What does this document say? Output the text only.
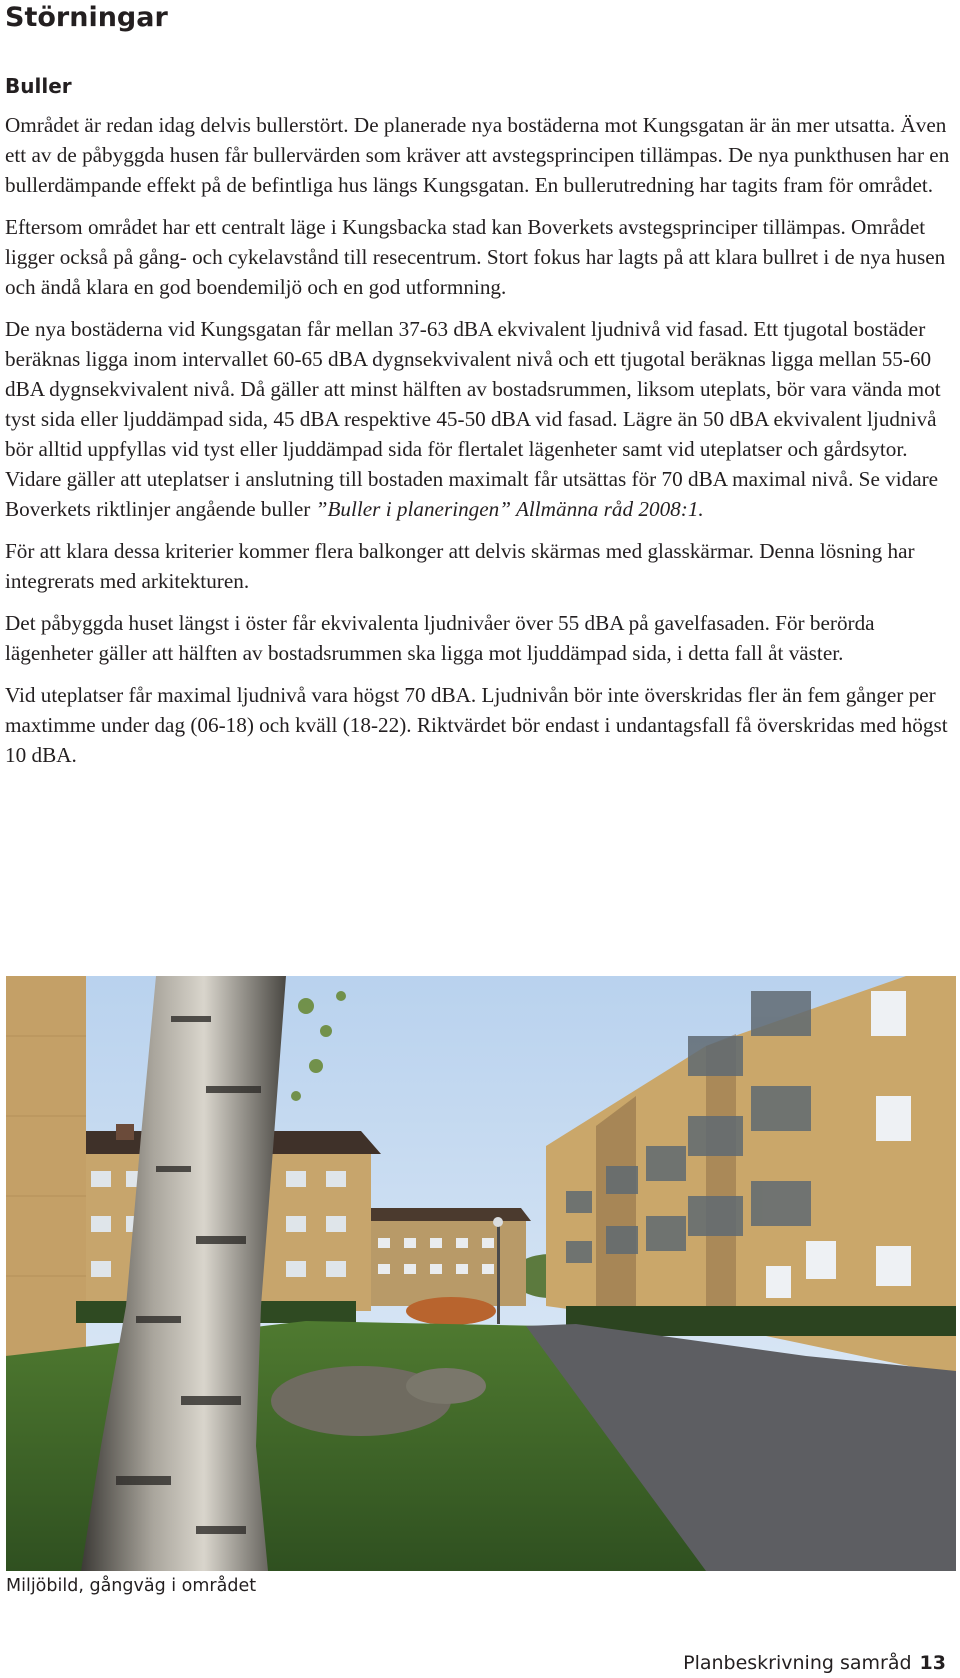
Störningar
Buller

Området är redan idag delvis bullerstört. De planerade nya bostäderna mot Kungsgatan är än mer utsatta. Även ett av de påbyggda husen får bullervärden som kräver att avstegsprincipen tillämpas. De nya punkthusen har en bullerdämpande effekt på de befintliga hus längs Kungsgatan. En bullerutredning har tagits fram för området.

Eftersom området har ett centralt läge i Kungsbacka stad kan Boverkets avstegsprinciper tillämpas. Området ligger också på gång- och cykelavstånd till resecentrum. Stort fokus har lagts på att klara bullret i de nya husen och ändå klara en god boendemiljö och en god utformning.

De nya bostäderna vid Kungsgatan får mellan 37-63 dBA ekvivalent ljudnivå vid fasad. Ett tjugotal bostäder beräknas ligga inom intervallet 60-65 dBA dygnsekvivalent nivå och ett tjugotal beräknas ligga mellan 55-60 dBA dygnsekvivalent nivå. Då gäller att minst hälften av bostadsrummen, liksom uteplats, bör vara vända mot tyst sida eller ljuddämpad sida, 45 dBA respektive 45-50 dBA vid fasad. Lägre än 50 dBA ekvivalent ljudnivå bör alltid uppfyllas vid tyst eller ljuddämpad sida för flertalet lägenheter samt vid uteplatser och gårdsytor. Vidare gäller att uteplatser i anslutning till bostaden maximalt får utsättas för 70 dBA maximal nivå. Se vidare Boverkets riktlinjer angående buller ”Buller i planeringen” Allmänna råd 2008:1.

För att klara dessa kriterier kommer flera balkonger att delvis skärmas med glasskärmar. Denna lösning har integrerats med arkitekturen.

Det påbyggda huset längst i öster får ekvivalenta ljudnivåer över 55 dBA på gavelfasaden. För berörda lägenheter gäller att hälften av bostadsrummen ska ligga mot ljuddämpad sida, i detta fall åt väster.

Vid uteplatser får maximal ljudnivå vara högst 70 dBA. Ljudnivån bör inte överskridas fler än fem gånger per maxtimme under dag (06-18) och kväll (18-22). Riktvärdet bör endast i undantagsfall få överskridas med högst 10 dBA.

Miljöbild, gångväg i området
Planbeskrivning samråd 13
